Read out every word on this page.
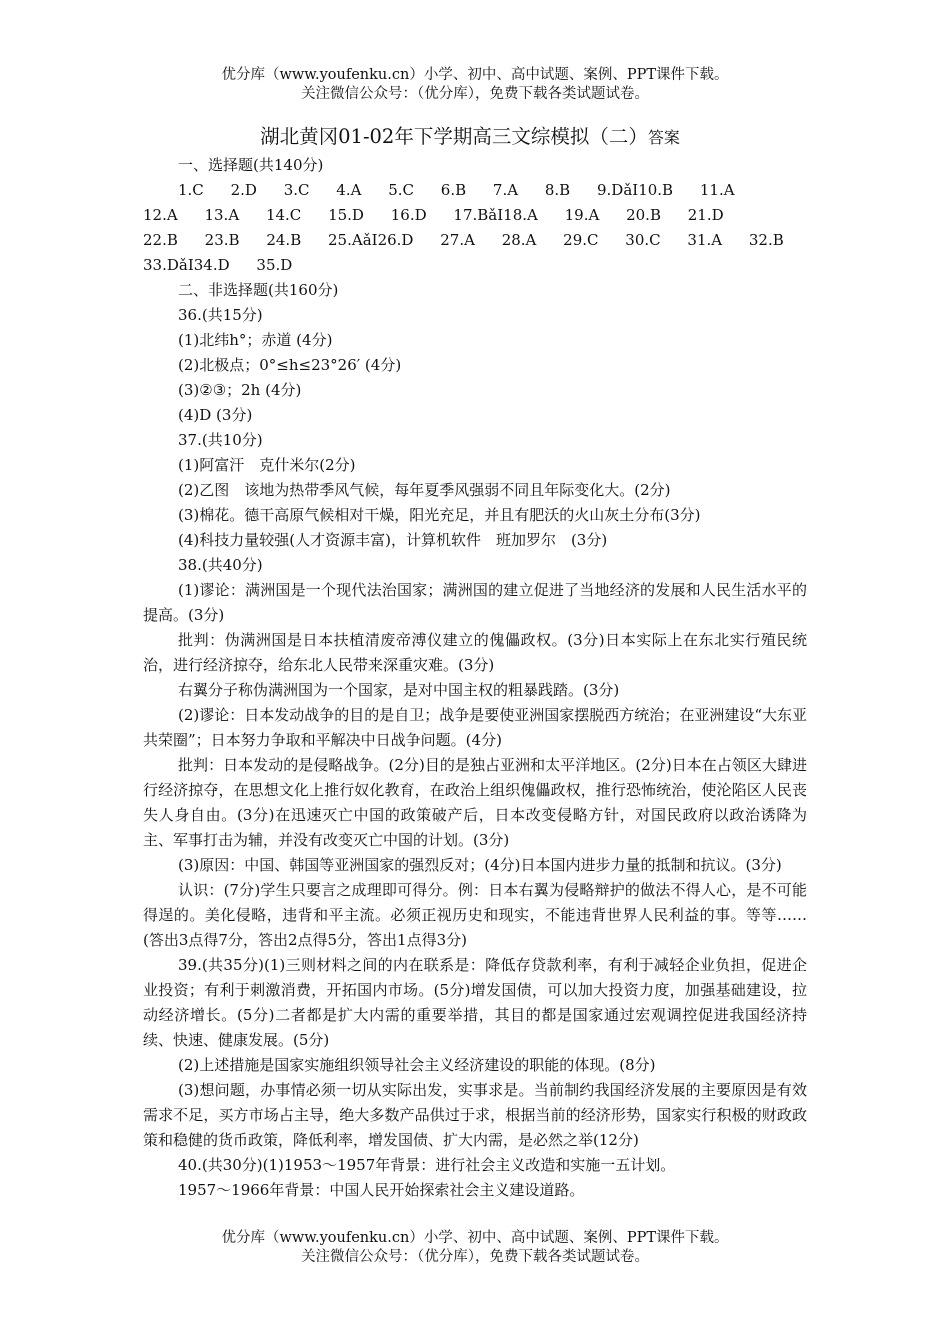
优分库（www.youfenku.cn）小学、初中、高中试题、案例、PPT课件下载。
关注微信公众号：（优分库），免费下载各类试题试卷。
湖北黄冈01-02年下学期高三文综模拟（二）答案

一、选择题(共140分)

1.C 2.D 3.C 4.A 5.C 6.B 7.A 8.B 9.DǎI10.B 11.A 12.A 13.A 14.C 15.D 16.D 17.BǎI18.A 19.A 20.B 21.D 22.B 23.B 24.B 25.AǎI26.D 27.A 28.A 29.C 30.C 31.A 32.B 33.DǎI34.D 35.D

二、非选择题(共160分)

36.(共15分)

(1)北纬h°；赤道 (4分)

(2)北极点；0°≤h≤23°26′ (4分)

(3)②③；2h (4分)

(4)D (3分)

37.(共10分)

(1)阿富汗　克什米尔(2分)

(2)乙图　该地为热带季风气候，每年夏季风强弱不同且年际变化大。(2分)

(3)棉花。德干高原气候相对干燥，阳光充足，并且有肥沃的火山灰土分布(3分)

(4)科技力量较强(人才资源丰富)，计算机软件　班加罗尔　(3分)

38.(共40分)

(1)谬论：满洲国是一个现代法治国家；满洲国的建立促进了当地经济的发展和人民生活水平的提高。(3分)

批判：伪满洲国是日本扶植清废帝溥仪建立的傀儡政权。(3分)日本实际上在东北实行殖民统治，进行经济掠夺，给东北人民带来深重灾难。(3分)

右翼分子称伪满洲国为一个国家，是对中国主权的粗暴践踏。(3分)

(2)谬论：日本发动战争的目的是自卫；战争是要使亚洲国家摆脱西方统治；在亚洲建设“大东亚共荣圈”；日本努力争取和平解决中日战争问题。(4分)

批判：日本发动的是侵略战争。(2分)目的是独占亚洲和太平洋地区。(2分)日本在占领区大肆进行经济掠夺，在思想文化上推行奴化教育，在政治上组织傀儡政权，推行恐怖统治，使沦陷区人民丧失人身自由。(3分)在迅速灭亡中国的政策破产后，日本改变侵略方针，对国民政府以政治诱降为主、军事打击为辅，并没有改变灭亡中国的计划。(3分)

(3)原因：中国、韩国等亚洲国家的强烈反对；(4分)日本国内进步力量的抵制和抗议。(3分)

认识：(7分)学生只要言之成理即可得分。例：日本右翼为侵略辩护的做法不得人心，是不可能得逞的。美化侵略，违背和平主流。必须正视历史和现实，不能违背世界人民利益的事。等等……(答出3点得7分，答出2点得5分，答出1点得3分)

39.(共35分)(1)三则材料之间的内在联系是：降低存贷款利率，有利于减轻企业负担，促进企业投资；有利于刺激消费，开拓国内市场。(5分)增发国债，可以加大投资力度，加强基础建设，拉动经济增长。(5分)二者都是扩大内需的重要举措，其目的都是国家通过宏观调控促进我国经济持续、快速、健康发展。(5分)

(2)上述措施是国家实施组织领导社会主义经济建设的职能的体现。(8分)

(3)想问题，办事情必须一切从实际出发，实事求是。当前制约我国经济发展的主要原因是有效需求不足，买方市场占主导，绝大多数产品供过于求，根据当前的经济形势，国家实行积极的财政政策和稳健的货币政策，降低利率，增发国债、扩大内需，是必然之举(12分)

40.(共30分)(1)1953～1957年背景：进行社会主义改造和实施一五计划。

1957～1966年背景：中国人民开始探索社会主义建设道路。

优分库（www.youfenku.cn）小学、初中、高中试题、案例、PPT课件下载。
关注微信公众号：（优分库），免费下载各类试题试卷。
